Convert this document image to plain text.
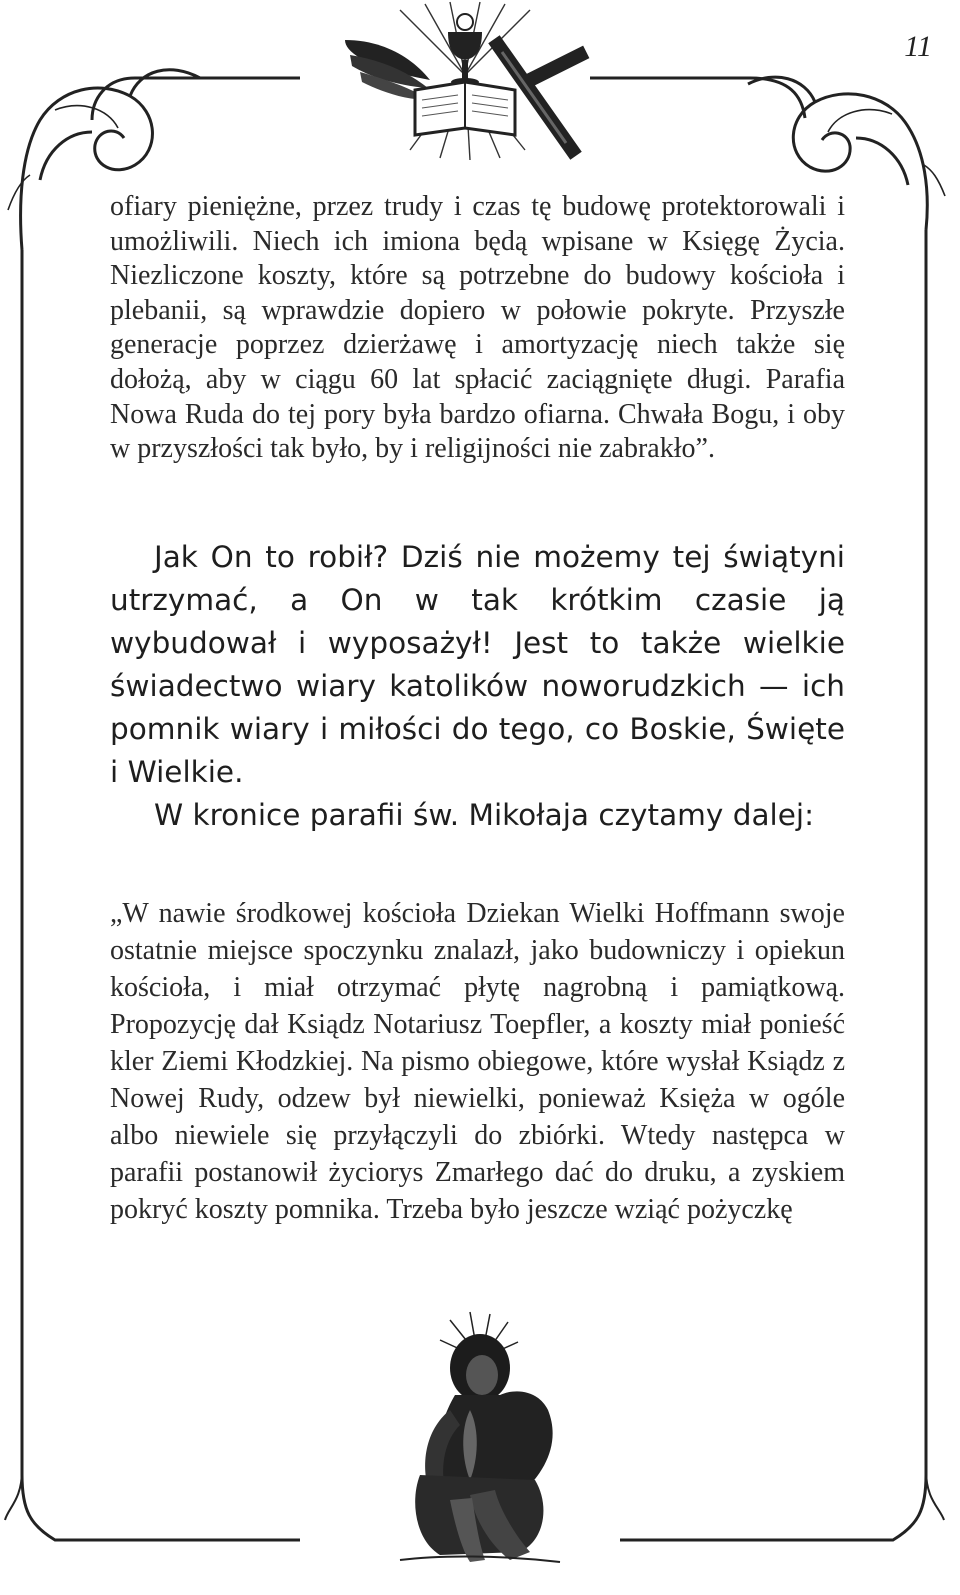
11

ofiary pieniężne, przez trudy i czas tę budowę protektorowali i umożliwili. Niech ich imiona będą wpisane w Księgę Życia. Niezliczone koszty, które są potrzebne do budowy kościoła i plebanii, są wprawdzie dopiero w połowie pokryte. Przyszłe generacje poprzez dzierżawę i amortyzację niech także się dołożą, aby w ciągu 60 lat spłacić zaciągnięte długi. Parafia Nowa Ruda do tej pory była bardzo ofiarna. Chwała Bogu, i oby w przyszłości tak było, by i religijności nie zabrakło”.

Jak On to robił? Dziś nie możemy tej świątyni utrzymać, a On w tak krótkim czasie ją wybudował i wyposażył! Jest to także wielkie świadectwo wiary katolików noworudzkich — ich pomnik wiary i miłości do tego, co Boskie, Święte i Wielkie.
W kronice parafii św. Mikołaja czytamy dalej:

„W nawie środkowej kościoła Dziekan Wielki Hoffmann swoje ostatnie miejsce spoczynku znalazł, jako budowniczy i opiekun kościoła, i miał otrzymać płytę nagrobną i pamiątkową. Propozycję dał Ksiądz Notariusz Toepfler, a koszty miał ponieść kler Ziemi Kłodzkiej. Na pismo obiegowe, które wysłał Ksiądz z Nowej Rudy, odzew był niewielki, ponieważ Księża w ogóle albo niewiele się przyłączyli do zbiórki. Wtedy następca w parafii postanowił życiorys Zmarłego dać do druku, a zyskiem pokryć koszty pomnika. Trzeba było jeszcze wziąć pożyczkę
